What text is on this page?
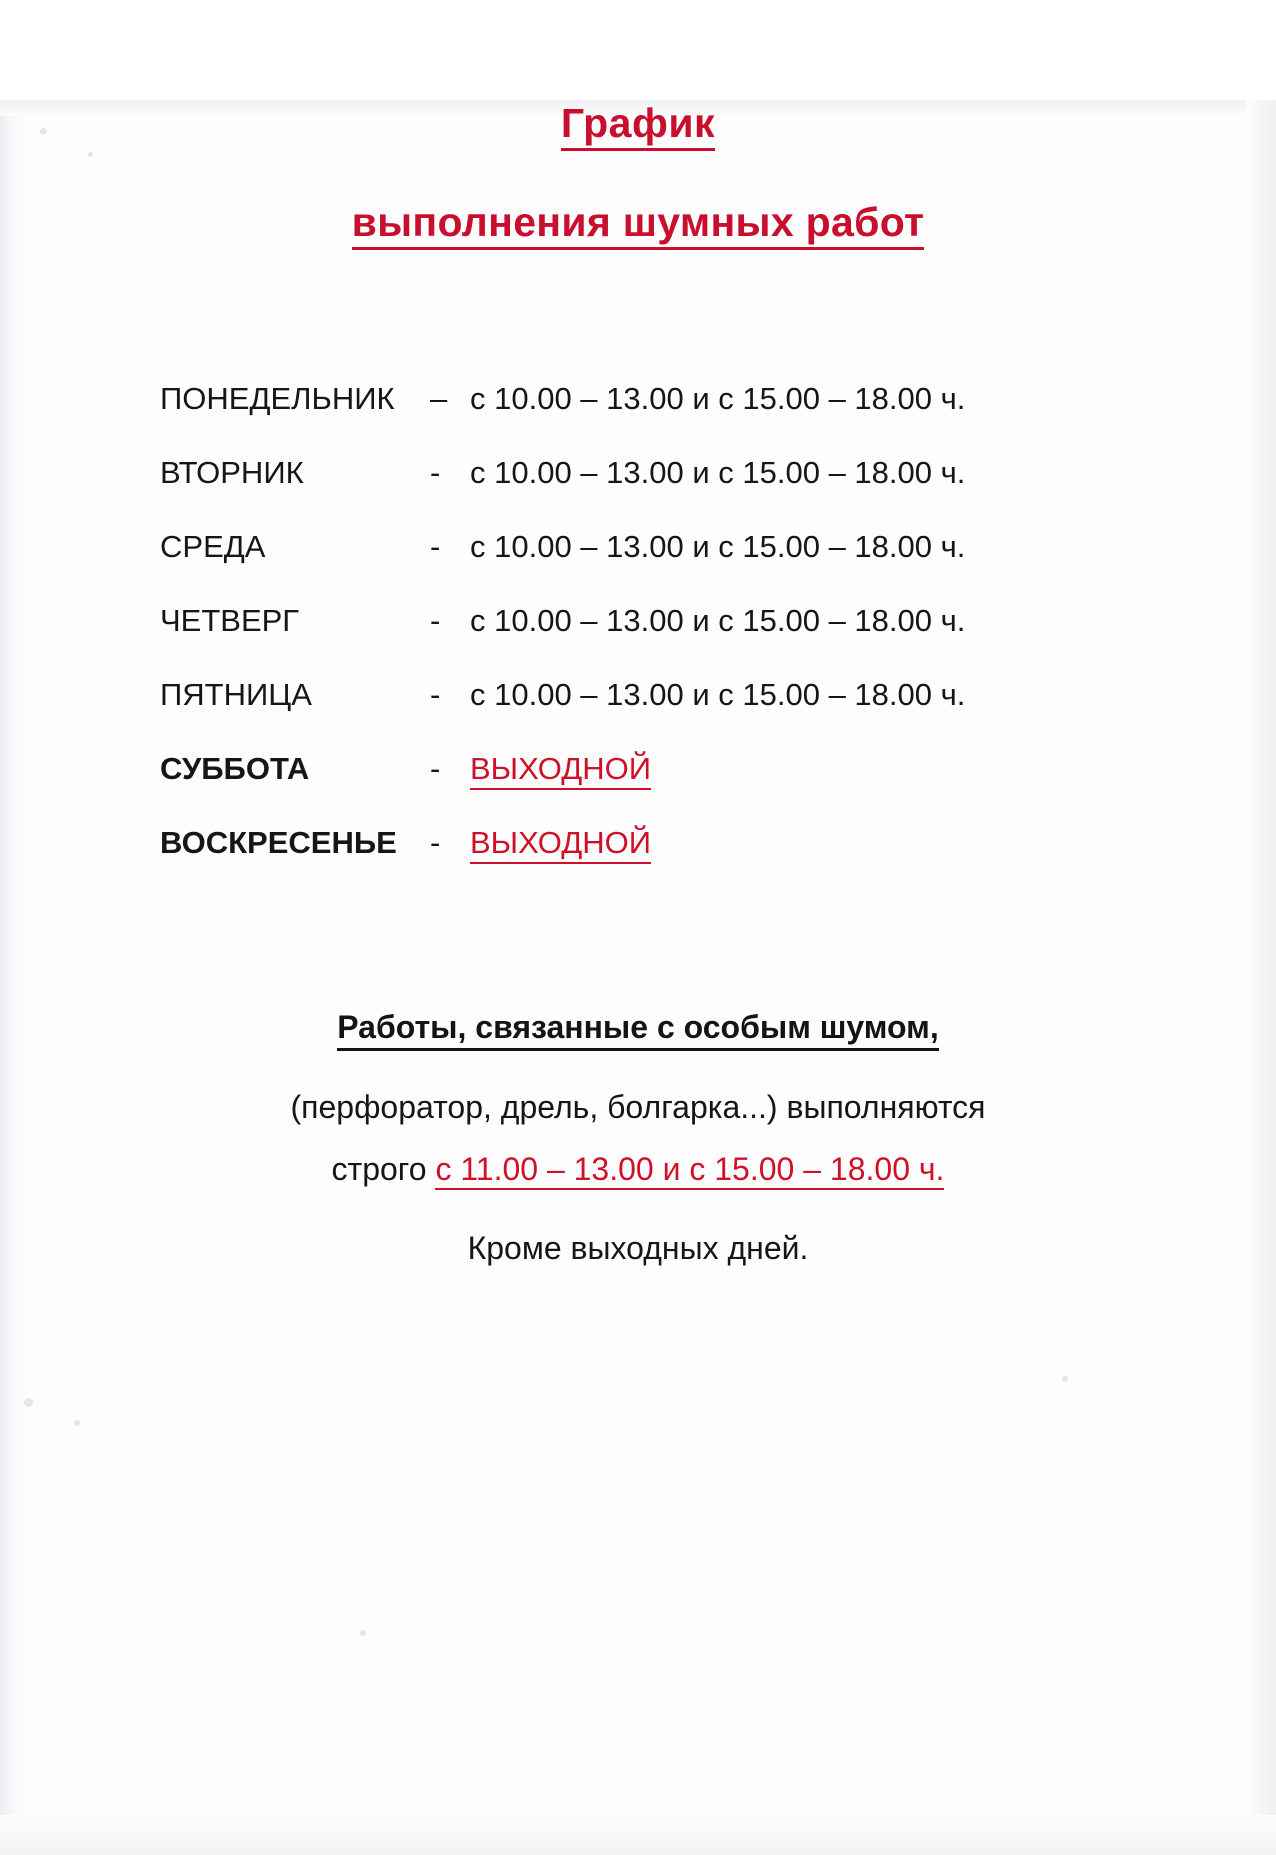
График
выполнения шумных работ
ПОНЕДЕЛЬНИК	– с 10.00 – 13.00 и с 15.00 – 18.00 ч.
ВТОРНИК	- с 10.00 – 13.00 и с 15.00 – 18.00 ч.
СРЕДА	- с 10.00 – 13.00 и с 15.00 – 18.00 ч.
ЧЕТВЕРГ	- с 10.00 – 13.00 и с 15.00 – 18.00 ч.
ПЯТНИЦА	- с 10.00 – 13.00 и с 15.00 – 18.00 ч.
СУББОТА	- ВЫХОДНОЙ
ВОСКРЕСЕНЬЕ	- ВЫХОДНОЙ
Работы, связанные с особым шумом,
(перфоратор, дрель, болгарка...) выполняются
строго с 11.00 – 13.00 и с 15.00 – 18.00 ч.
Кроме выходных дней.
